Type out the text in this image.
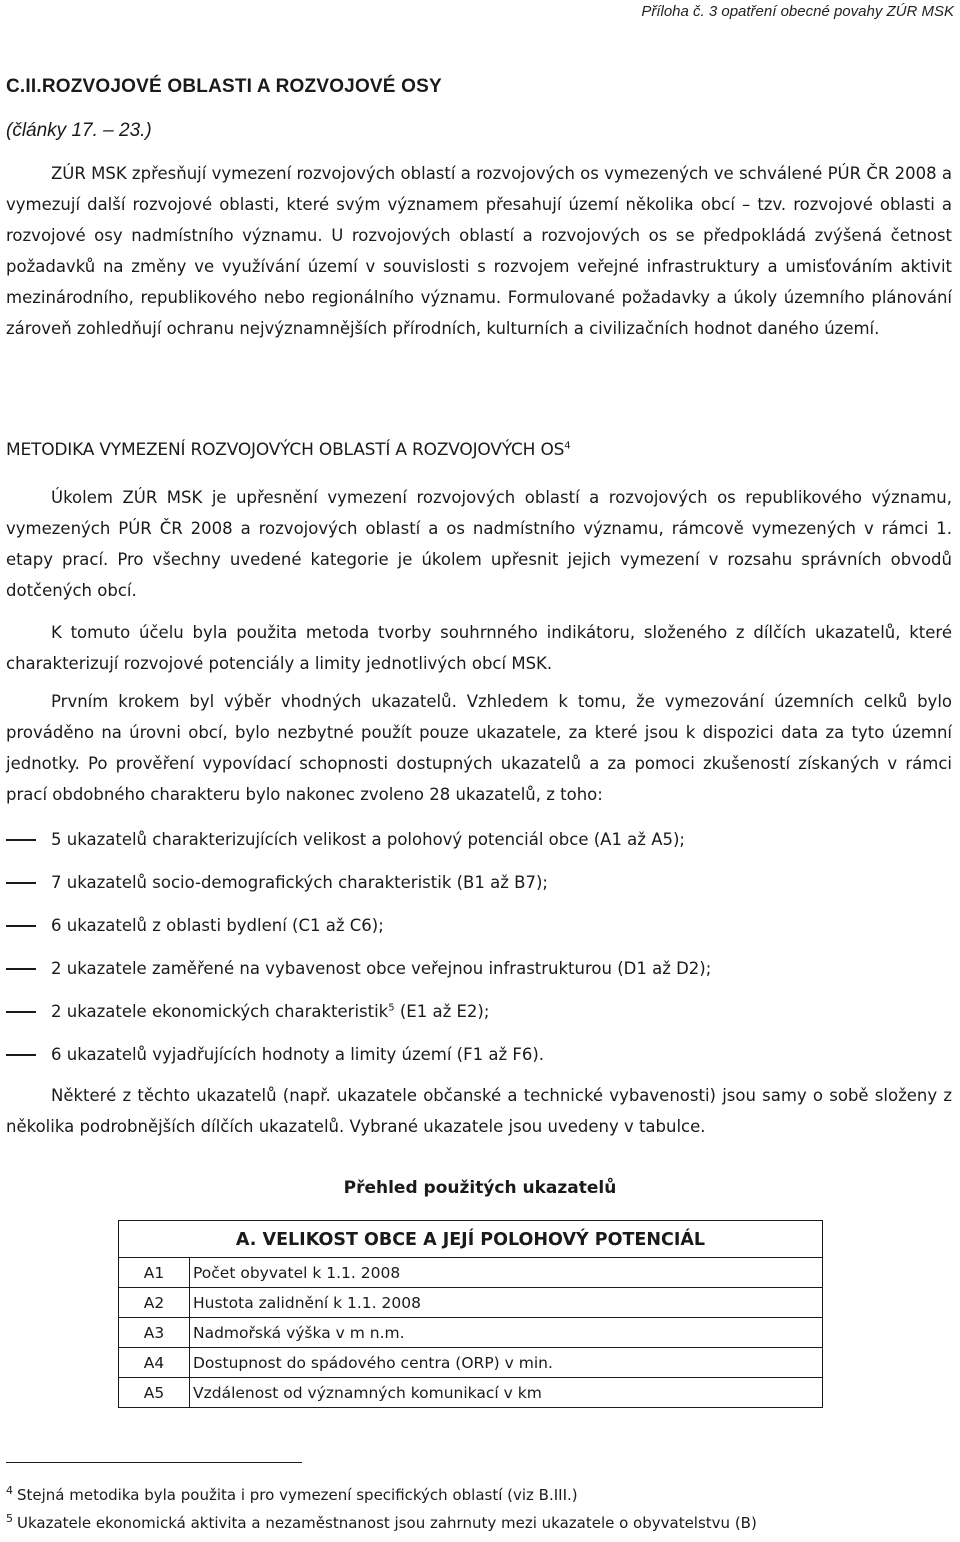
Příloha č. 3 opatření obecné povahy ZÚR MSK
C.II.ROZVOJOVÉ OBLASTI A ROZVOJOVÉ OSY
(články 17. – 23.)

ZÚR MSK zpřesňují vymezení rozvojových oblastí a rozvojových os vymezených ve schválené PÚR ČR 2008 a vymezují další rozvojové oblasti, které svým významem přesahují území několika obcí – tzv. rozvojové oblasti a rozvojové osy nadmístního významu. U rozvojových oblastí a rozvojových os se předpokládá zvýšená četnost požadavků na změny ve využívání území v souvislosti s rozvojem veřejné infrastruktury a umisťováním aktivit mezinárodního, republikového nebo regionálního významu. Formulované požadavky a úkoly územního plánování zároveň zohledňují ochranu nejvýznamnějších přírodních, kulturních a civilizačních hodnot daného území.

METODIKA VYMEZENÍ ROZVOJOVÝCH OBLASTÍ A ROZVOJOVÝCH $OS^4$

Úkolem ZÚR MSK je upřesnění vymezení rozvojových oblastí a rozvojových os republikového významu, vymezených PÚR ČR 2008 a rozvojových oblastí a os nadmístního významu, rámcově vymezených v rámci 1. etapy prací. Pro všechny uvedené kategorie je úkolem upřesnit jejich vymezení v rozsahu správních obvodů dotčených obcí.

K tomuto účelu byla použita metoda tvorby souhrnného indikátoru, složeného z dílčích ukazatelů, které charakterizují rozvojové potenciály a limity jednotlivých obcí MSK.

Prvním krokem byl výběr vhodných ukazatelů. Vzhledem k tomu, že vymezování územních celků bylo prováděno na úrovni obcí, bylo nezbytné použít pouze ukazatele, za které jsou k dispozici data za tyto územní jednotky. Po prověření vypovídací schopnosti dostupných ukazatelů a za pomoci zkušeností získaných v rámci prací obdobného charakteru bylo nakonec zvoleno 28 ukazatelů, z toho:

5 ukazatelů charakterizujících velikost a polohový potenciál obce (A1 až A5);
7 ukazatelů socio-demografických charakteristik (B1 až B7);
6 ukazatelů z oblasti bydlení (C1 až C6);
2 ukazatele zaměřené na vybavenost obce veřejnou infrastrukturou (D1 až D2);
2 ukazatele ekonomických charakteristik$^5$ (E1 až E2);
6 ukazatelů vyjadřujících hodnoty a limity území (F1 až F6).

Některé z těchto ukazatelů (např. ukazatele občanské a technické vybavenosti) jsou samy o sobě složeny z několika podrobnějších dílčích ukazatelů. Vybrané ukazatele jsou uvedeny v tabulce.

Přehled použitých ukazatelů
A. VELIKOST OBCE A JEJÍ POLOHOVÝ POTENCIÁL	
A1	Počet obyvatel k 1.1. 2008
A2	Hustota zalidnění k 1.1. 2008
A3	Nadmořská výška v m n.m.
A4	Dostupnost do spádového centra (ORP) v min.
A5	Vzdálenost od významných komunikací v km
$^4$ Stejná metodika byla použita i pro vymezení specifických oblastí (viz B.III.)
$^5$ Ukazatele ekonomická aktivita a nezaměstnanost jsou zahrnuty mezi ukazatele o obyvatelstvu (B)
